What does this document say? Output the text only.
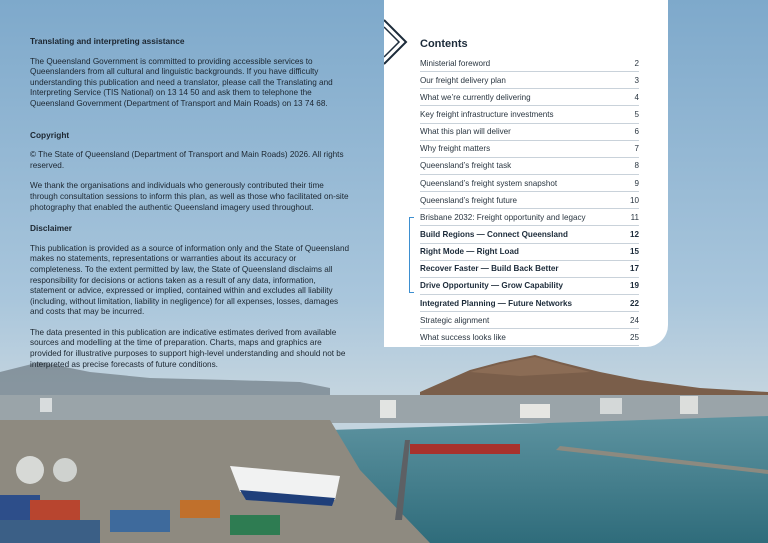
Translating and interpreting assistance

The Queensland Government is committed to providing accessible services to Queenslanders from all cultural and linguistic backgrounds. If you have difficulty understanding this publication and need a translator, please call the Translating and Interpreting Service (TIS National) on 13 14 50 and ask them to telephone the Queensland Government (Department of Transport and Main Roads) on 13 74 68.

Copyright

© The State of Queensland (Department of Transport and Main Roads) 2026. All rights reserved.

We thank the organisations and individuals who generously contributed their time through consultation sessions to inform this plan, as well as those who facilitated on-site photography that enabled the authentic Queensland imagery used throughout.

Disclaimer

This publication is provided as a source of information only and the State of Queensland makes no statements, representations or warranties about its accuracy or completeness. To the extent permitted by law, the State of Queensland disclaims all responsibility for decisions or actions taken as a result of any data, information, statement or advice, expressed or implied, contained within and excludes all liability (including, without limitation, liability in negligence) for all expenses, losses, damages and costs that may be incurred.

The data presented in this publication are indicative estimates derived from available sources and modelling at the time of preparation. Charts, maps and graphics are provided for illustrative purposes to support high-level understanding and should not be interpreted as precise forecasts of future conditions.

Contents
Ministerial foreword	2
Our freight delivery plan	3
What we’re currently delivering	4
Key freight infrastructure investments	5
What this plan will deliver	6
Why freight matters	7
Queensland’s freight task	8
Queensland’s freight system snapshot	9
Queensland’s freight future	10
Brisbane 2032: Freight opportunity and legacy	11
Build Regions — Connect Queensland	12
Right Mode — Right Load	15
Recover Faster — Build Back Better	17
Drive Opportunity — Grow Capability	19
Integrated Planning — Future Networks	22
Strategic alignment	24
What success looks like	25
